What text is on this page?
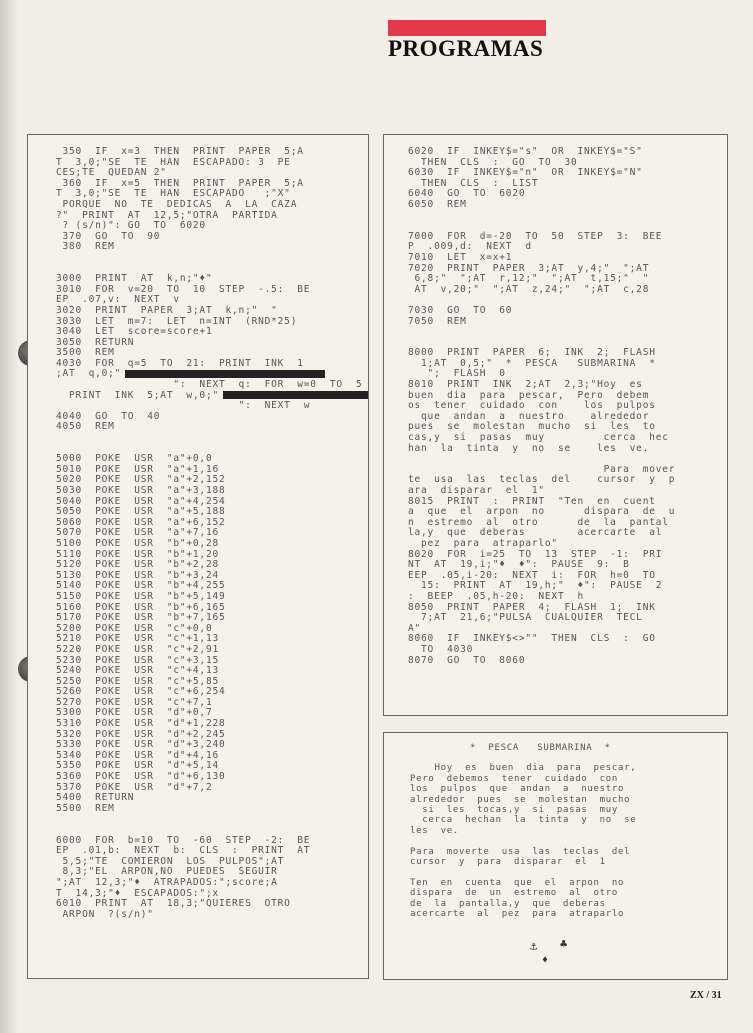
PROGRAMAS
350  IF  x=3  THEN  PRINT  PAPER  5;A
T  3,0;"SE  TE  HAN  ESCAPADO: 3  PE
CES;TE  QUEDAN 2"
360  IF  x=5  THEN  PRINT  PAPER  5;A
T  3,0;"SE  TE  HAN  ESCAPADO   ;"X"
PORQUE  NO  TE  DEDICAS  A  LA  CAZA
?"  PRINT  AT  12,5;"OTRA  PARTIDA
? (s/n)": GO  TO  6020
370  GO  TO  90
380  REM
3000  PRINT  AT  k,n;"♦"
3010  FOR  v=20  TO  10  STEP  -.5:  BE
EP  .07,v:  NEXT  v
3020  PRINT  PAPER  3;AT  k,n;"  "
3030  LET  m=7:  LET  n=INT  (RND*25)
3040  LET  score=score+1
3050  RETURN
3500  REM
4030  FOR  q=5  TO  21:  PRINT  INK  1
;AT  q,0;"
":  NEXT  q:  FOR  w=0  TO  5
PRINT  INK  5;AT  w,0;"
":  NEXT  w
4040  GO  TO  40
4050  REM
5000  POKE  USR  "a"+0,0
5010  POKE  USR  "a"+1,16
5020  POKE  USR  "a"+2,152
5030  POKE  USR  "a"+3,188
5040  POKE  USR  "a"+4,254
5050  POKE  USR  "a"+5,188
5060  POKE  USR  "a"+6,152
5070  POKE  USR  "a"+7,16
5100  POKE  USR  "b"+0,28
5110  POKE  USR  "b"+1,20
5120  POKE  USR  "b"+2,28
5130  POKE  USR  "b"+3,24
5140  POKE  USR  "b"+4,255
5150  POKE  USR  "b"+5,149
5160  POKE  USR  "b"+6,165
5170  POKE  USR  "b"+7,165
5200  POKE  USR  "c"+0,0
5210  POKE  USR  "c"+1,13
5220  POKE  USR  "c"+2,91
5230  POKE  USR  "c"+3,15
5240  POKE  USR  "c"+4,13
5250  POKE  USR  "c"+5,85
5260  POKE  USR  "c"+6,254
5270  POKE  USR  "c"+7,1
5300  POKE  USR  "d"+0,7
5310  POKE  USR  "d"+1,228
5320  POKE  USR  "d"+2,245
5330  POKE  USR  "d"+3,240
5340  POKE  USR  "d"+4,16
5350  POKE  USR  "d"+5,14
5360  POKE  USR  "d"+6,130
5370  POKE  USR  "d"+7,2
5400  RETURN
5500  REM
6000  FOR  b=10  TO  -60  STEP  -2:  BE
EP  .01,b:  NEXT  b:  CLS  :  PRINT  AT
5,5;"TE  COMIERON  LOS  PULPOS";AT
8,3;"EL  ARPON,NO  PUEDES  SEGUIR
";AT  12,3;"♦  ATRAPADOS:";score;A
T  14,3;"♦  ESCAPADOS:";x
6010  PRINT  AT  18,3;"QUIERES  OTRO
ARPON  ?(s/n)"
6020  IF  INKEY$="s"  OR  INKEY$="S"
THEN  CLS  :  GO  TO  30
6030  IF  INKEY$="n"  OR  INKEY$="N"
THEN  CLS  :  LIST
6040  GO  TO  6020
6050  REM
7000  FOR  d=-20  TO  50  STEP  3:  BEE
P  .009,d:  NEXT  d
7010  LET  x=x+1
7020  PRINT  PAPER  3;AT  y,4;"  ";AT
6,8;"  ";AT  r,12;"  ";AT  t,15;"  "
AT  v,20;"  ";AT  z,24;"  ";AT  c,28
7030  GO  TO  60
7050  REM
8000  PRINT  PAPER  6;  INK  2;  FLASH
1;AT  0,5;"  *  PESCA   SUBMARINA  *
";  FLASH  0
8010  PRINT  INK  2;AT  2,3;"Hoy  es
buen  dia  para  pescar,  Pero  debem
os  tener  cuidado  con    los  pulpos
que  andan  a  nuestro    alrededor
pues  se  molestan  mucho  si  les  to
cas,y  si  pasas  muy         cerca  hec
han  la  tinta  y  no  se    les  ve.
Para  mover
te  usa  las  teclas  del    cursor  y  p
ara  disparar  el  1"
8015  PRINT  :  PRINT  "Ten  en  cuent
a  que  el  arpon  no      dispara  de  u
n  estremo  al  otro      de  la  pantal
la,y  que  deberas        acercarte  al
pez  para  atraparlo"
8020  FOR  i=25  TO  13  STEP  -1:  PRI
NT  AT  19,i;"♦  ♦":  PAUSE  9:  B
EEP  .05,i-20:  NEXT  i:  FOR  h=0  TO
15:  PRINT  AT  19,h;"  ♦":  PAUSE  2
:  BEEP  .05,h-20:  NEXT  h
8050  PRINT  PAPER  4;  FLASH  1;  INK
7;AT  21,6;"PULSA  CUALQUIER  TECL
A"
8060  IF  INKEY$<>""  THEN  CLS  :  GO
TO  4030
8070  GO  TO  8060
*  PESCA   SUBMARINA  *
Hoy  es  buen  dia  para  pescar,
Pero  debemos  tener  cuidado  con
los  pulpos  que  andan  a  nuestro
alrededor  pues  se  molestan  mucho
si  les  tocas,y  si  pasas  muy
cerca  hechan  la  tinta  y  no  se
les  ve.
Para  moverte  usa  las  teclas  del
cursor  y  para  disparar  el  1
Ten  en  cuenta  que  el  arpon  no
dispara  de  un  estremo  al  otro
de  la  pantalla,y  que  deberas
acercarte  al  pez  para  atraparlo
⚓ ♣
♦
ZX / 31
